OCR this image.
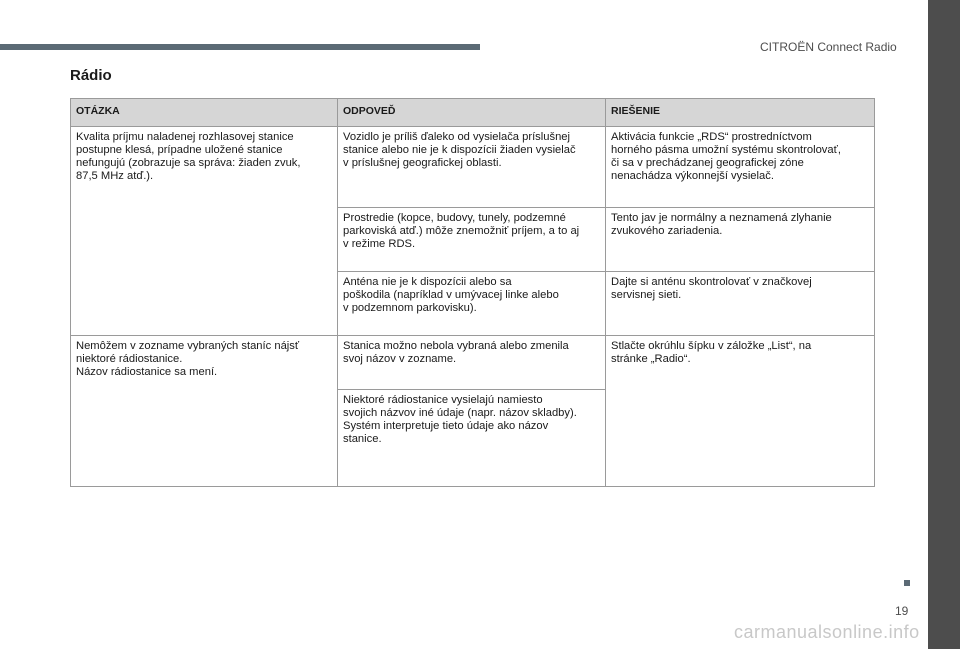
CITROËN Connect Radio
Rádio
OTÁZKA	ODPOVEĎ	RIEŠENIE

Kvalita príjmu naladenej rozhlasovej stanice
postupne klesá, prípadne uložené stanice
nefungujú (zobrazuje sa správa: žiaden zvuk,
87,5 MHz atď.).	Vozidlo je príliš ďaleko od vysielača príslušnej
stanice alebo nie je k dispozícii žiaden vysielač
v príslušnej geografickej oblasti.	Aktivácia funkcie „RDS“ prostredníctvom
horného pásma umožní systému skontrolovať,
či sa v prechádzanej geografickej zóne
nenachádza výkonnejší vysielač.

	Prostredie (kopce, budovy, tunely, podzemné
parkoviská atď.) môže znemožniť príjem, a to aj
v režime RDS.	Tento jav je normálny a neznamená zlyhanie
zvukového zariadenia.

	Anténa nie je k dispozícii alebo sa
poškodila (napríklad v umývacej linke alebo
v podzemnom parkovisku).	Dajte si anténu skontrolovať v značkovej
servisnej sieti.

Nemôžem v zozname vybraných staníc nájsť
niektoré rádiostanice.
Názov rádiostanice sa mení.	Stanica možno nebola vybraná alebo zmenila
svoj názov v zozname.	Stlačte okrúhlu šípku v záložke „List“, na
stránke „Radio“.

	Niektoré rádiostanice vysielajú namiesto
svojich názvov iné údaje (napr. názov skladby).
Systém interpretuje tieto údaje ako názov
stanice.	
19
carmanualsonline.info
